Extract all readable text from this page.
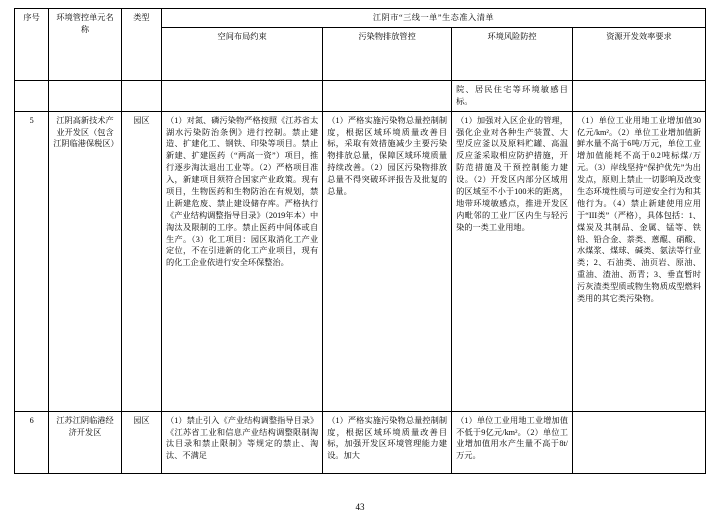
序号	环境管控单元名称	类型	江阴市“三线一单”生态准入清单			
			空间布局约束	污染物排放管控	环境风险防控	资源开发效率要求
					院、居民住宅等环境敏感目标。	
5	江阴高新技术产业开发区（包含江阴临港保税区）	园区	（1）对氮、磷污染物严格按照《江苏省太湖水污染防治条例》进行控制。禁止建造、扩建化工、钢铁、印染等项目。禁止新建、扩建医药（“两高一资”）项目，推行逐步淘汰退出工业等。（2）严格项目准入，新建项目须符合国家产业政策。现有项目，生物医药和生物防治在有规划，禁止新建危废、禁止建设储存库。严格执行《产业结构调整指导目录》（2019年本）中淘汰及限制的工序。禁止医药中间体或自生产。（3）化工项目：园区取消化工产业定位，不在引进新的化工产业项目，现有的化工企业依进行安全环保整治。	（1）严格实施污染物总量控制制度，根据区域环境质量改善目标，采取有效措施减少主要污染物排放总量，保障区域环境质量持续改善。（2）园区污染物排放总量不得突破环评报告及批复的总量。	（1）加强对入区企业的管理，强化企业对各种生产装置、大型反应釜以及原料贮罐、高温反应釜采取相应防护措施，开防范措施及干预控制能力建设。（2）开发区内部分区域用的区域至不小于100米的距离，地带环境敏感点，推进开发区内毗邻的工业厂区内生与轻污染的一类工业用地。	（1）单位工业用地工业增加值30亿元/km²。（2）单位工业增加值新鲜水量不高于6吨/万元，单位工业增加值能耗不高于0.2吨标煤/万元。（3）岸线坚持“保护优先”为出发点，原则上禁止一切影响及改变生态环境性质与可逆安全行为和其他行为。（4）禁止新建使用应用于“III类”（严格），具体包括：1、煤炭及其制品、金属、锰等、铁铅、铅合金、萘类、蒽醌、硝酸、水煤浆、煤球、碱类、氨法等行业类；2、石油类、油页岩、原油、重油、渣油、沥青；3、垂直暂时污灰渣类型质或物生物质成型燃料类用的其它类污染物。
6	江苏江阴临港经济开发区	园区	（1）禁止引入《产业结构调整指导目录》《江苏省工业和信息产业结构调整限制淘汰目录和禁止限制》等规定的禁止、淘汰、不满足	（1）严格实施污染物总量控制制度，根据区域环境质量改善目标，加强开发区环境管理能力建设。加大	（1）单位工业用地工业增加值不低于9亿元/km²。（2）单位工业增加值用水产生量不高于8t/万元。	
43
